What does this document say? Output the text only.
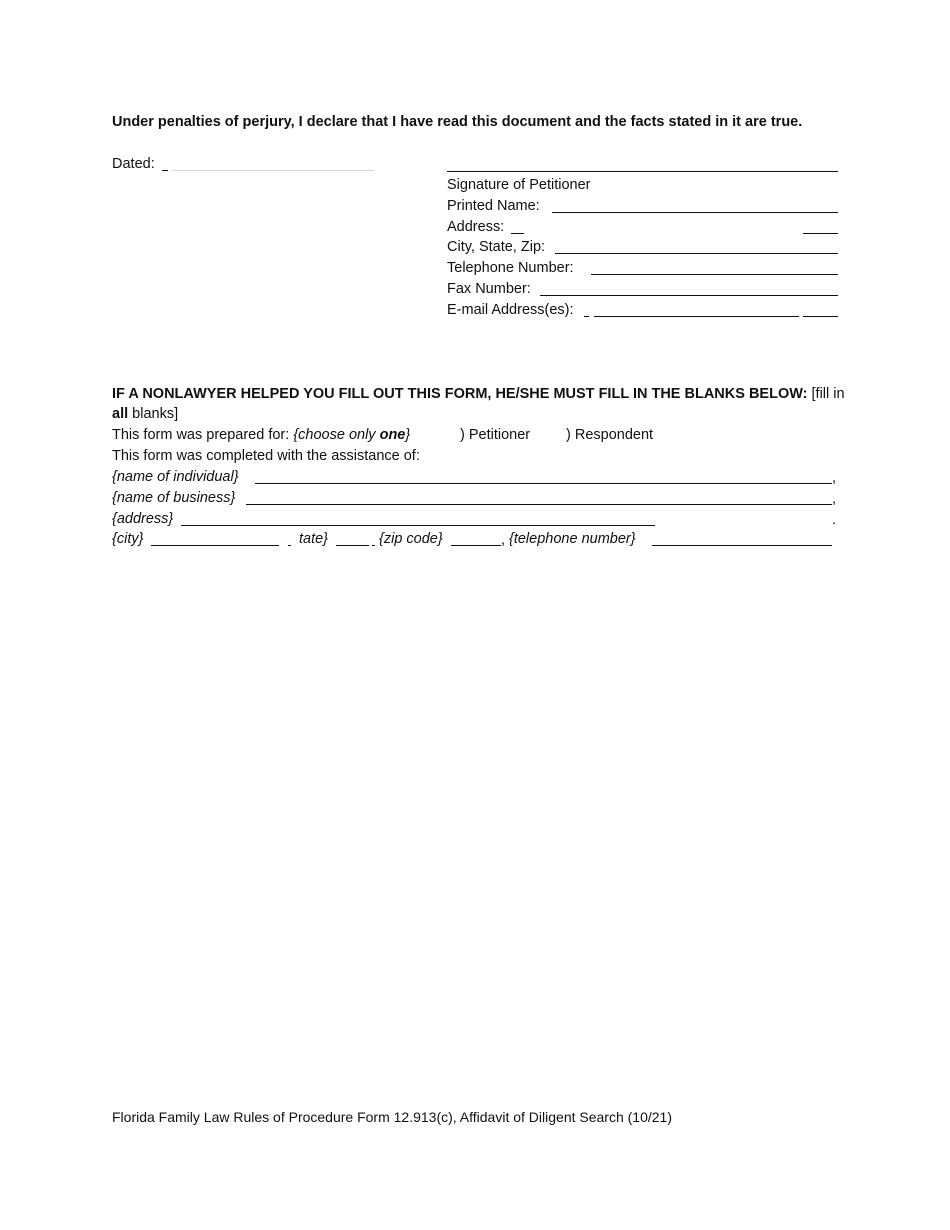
Under penalties of perjury, I declare that I have read this document and the facts stated in it are true.
Dated:
Signature of Petitioner
Printed Name:
Address:
City, State, Zip:
Telephone Number:
Fax Number:
E-mail Address(es):
IF A NONLAWYER HELPED YOU FILL OUT THIS FORM, HE/SHE MUST FILL IN THE BLANKS BELOW: [fill in
all blanks]
This form was prepared for: {choose only one}	) Petitioner ) Respondent
This form was completed with the assistance of:
{name of individual}	,
{name of business}	,
{address}	.
{city}	tate}	{zip code}	, {telephone number}
Florida Family Law Rules of Procedure Form 12.913(c), Affidavit of Diligent Search (10/21)
